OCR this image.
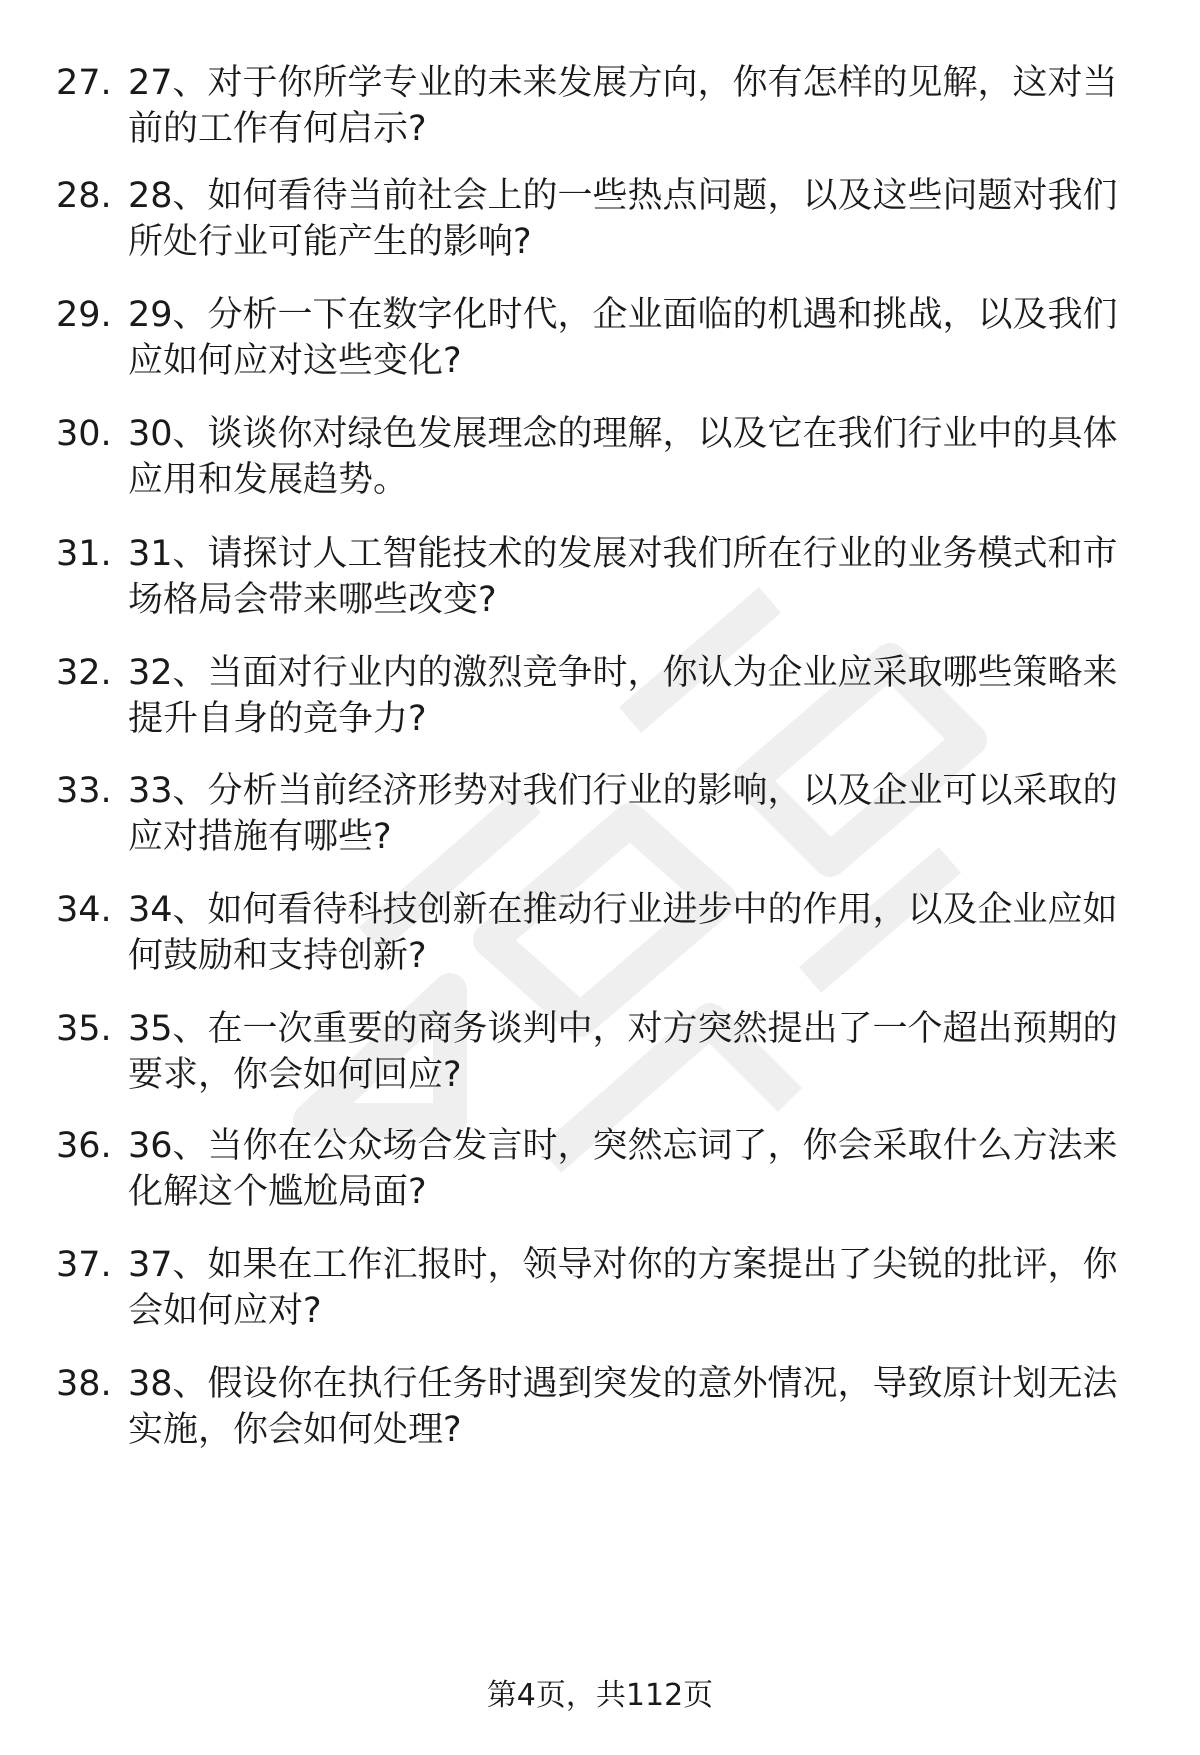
27. 27、对于你所学专业的未来发展方向，你有怎样的见解，这对当
前的工作有何启示?
28. 28、如何看待当前社会上的一些热点问题，以及这些问题对我们
所处行业可能产生的影响?
29. 29、分析一下在数字化时代，企业面临的机遇和挑战，以及我们
应如何应对这些变化?
30. 30、谈谈你对绿色发展理念的理解，以及它在我们行业中的具体
应用和发展趋势。
31. 31、请探讨人工智能技术的发展对我们所在行业的业务模式和市
场格局会带来哪些改变?
32. 32、当面对行业内的激烈竞争时，你认为企业应采取哪些策略来
提升自身的竞争力?
33. 33、分析当前经济形势对我们行业的影响，以及企业可以采取的
应对措施有哪些?
34. 34、如何看待科技创新在推动行业进步中的作用，以及企业应如
何鼓励和支持创新?
35. 35、在一次重要的商务谈判中，对方突然提出了一个超出预期的
要求，你会如何回应?
36. 36、当你在公众场合发言时，突然忘词了，你会采取什么方法来
化解这个尴尬局面?
37. 37、如果在工作汇报时，领导对你的方案提出了尖锐的批评，你
会如何应对?
38. 38、假设你在执行任务时遇到突发的意外情况，导致原计划无法
实施，你会如何处理?
第4页，共112页
